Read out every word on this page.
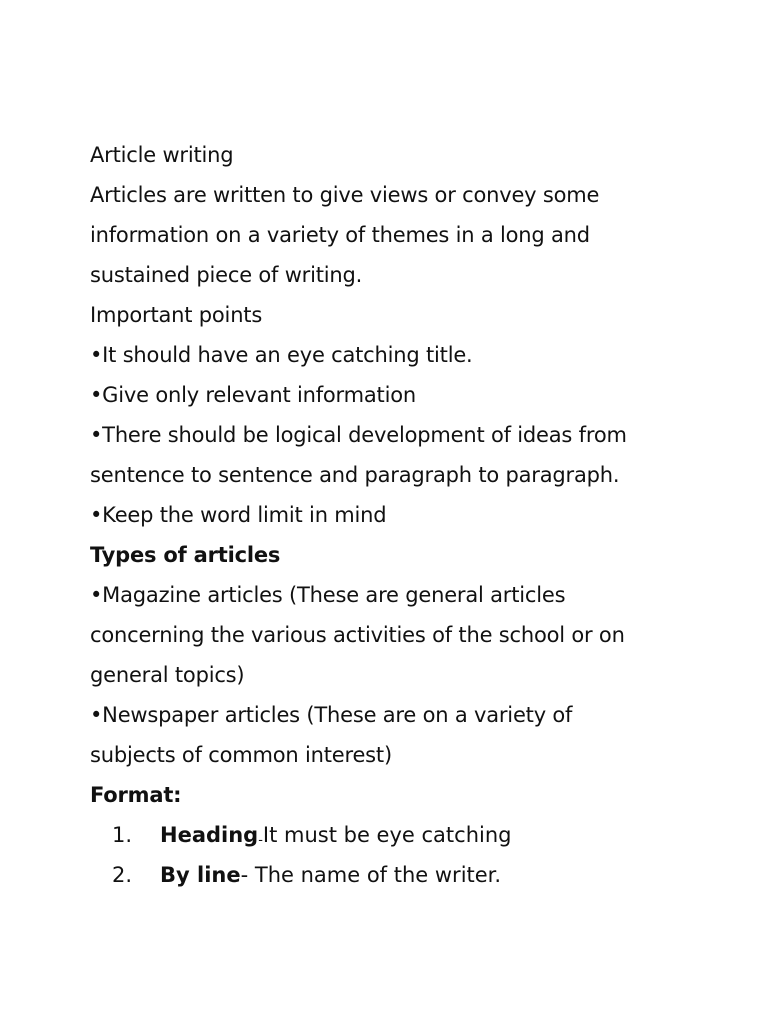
Article writing
Articles are written to give views or convey some
information on a variety of themes in a long and
sustained piece of writing.
Important points
•It should have an eye catching title.
•Give only relevant information
•There should be logical development of ideas from
sentence to sentence and paragraph to paragraph.
•Keep the word limit in mind
Types of articles
•Magazine articles (These are general articles
concerning the various activities of the school or on
general topics)
•Newspaper articles (These are on a variety of
subjects of common interest)
Format:
1. Heading-It must be eye catching
2. By line- The name of the writer.
